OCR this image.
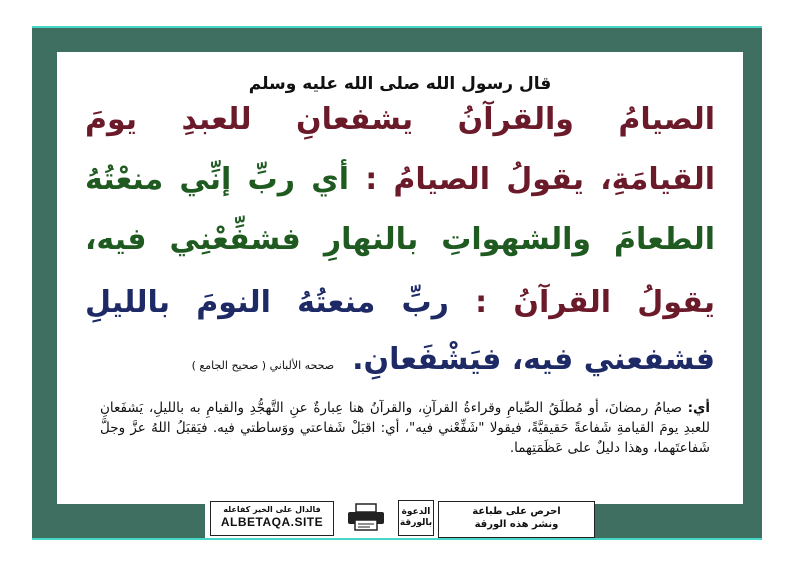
قال رسول الله صلى الله عليه وسلم
الصيامُ والقرآنُ يشفعانِ للعبدِ يومَ
القيامَةِ، يقولُ الصيامُ : أي ربِّ إنِّي منعْتُهُ
الطعامَ والشهواتِ بالنهارِ فشفِّعْنِي فيه،
يقولُ القرآنُ : ربِّ منعتُهُ النومَ بالليلِ
فشفعني فيه، فيَشْفَعانِ.صححه الألباني ( صحيح الجامع )
أي: صيامُ رمضانَ، أو مُطلَقُ الصِّيامِ وقراءةُ القرآنِ، والقرآنُ هنا عِبارةٌ عنِ التَّهجُّدِ والقيامِ به بالليلِ، يَشفَعانِ للعبدِ يومَ القيامةِ شَفاعةً حَقيقيَّةً، فيقولا "شَفِّعْني فيه"، أي: اقبَلْ شَفاعتي ووَساطتي فيه. فيَقبَلُ اللهُ عزَّ وجلَّ شَفاعتَهما، وهذا دليلٌ على عَظَمَتِهما.
احرص على طباعة
ونشر هذه الورقة
الدعوة
بالورقة
فالدال على الخير كفاعله
ALBETAQA.SITE
